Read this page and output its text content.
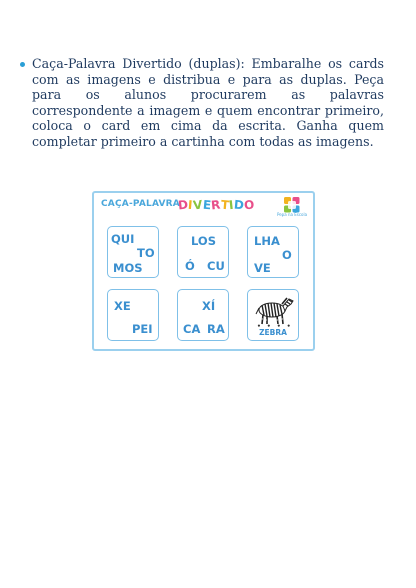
Caça-Palavra Divertido (duplas): Embaralhe os cards com as imagens e distribua e para as duplas. Peça para os alunos procurarem as palavras correspondente a imagem e quem encontrar primeiro, coloca o card em cima da escrita. Ganha quem completar primeiro a cartinha com todas as imagens.
CAÇA-PALAVRA
DIVERTIDO
Pepa na Escola
QUI
TO
MOS
LOS
Ó CU
LHA
O
VE
XE
PEI
XÍ
CA RA	• • • •
ZEBRA
